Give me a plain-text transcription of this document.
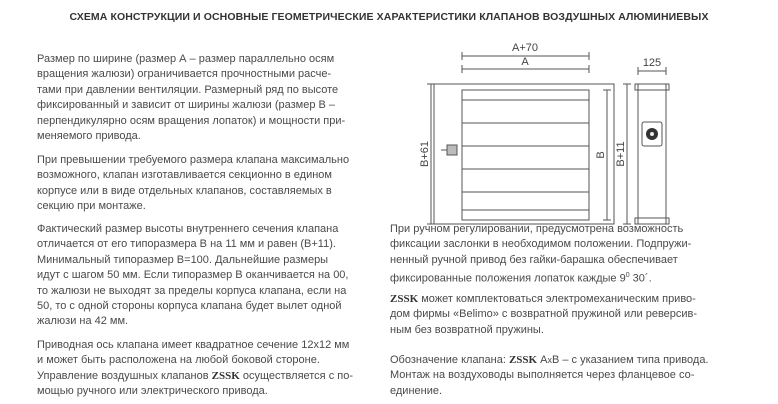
СХЕМА КОНСТРУКЦИИ И ОСНОВНЫЕ ГЕОМЕТРИЧЕСКИЕ ХАРАКТЕРИСТИКИ КЛАПАНОВ ВОЗДУШНЫХ АЛЮМИНИЕВЫХ
Размер по ширине (размер А – размер параллельно осям
вращения жалюзи) ограничивается прочностными расче-
тами при давлении вентиляции. Размерный ряд по высоте
фиксированный и зависит от ширины жалюзи (размер В –
перпендикулярно осям вращения лопаток) и мощности при-
меняемого привода.
При превышении требуемого размера клапана максимально
возможного, клапан изготавливается секционно в едином
корпусе или в виде отдельных клапанов, составляемых в
секцию при монтаже.
Фактический размер высоты внутреннего сечения клапана
отличается от его типоразмера В на 11 мм и равен (В+11).
Минимальный типоразмер В=100. Дальнейшие размеры
идут с шагом 50 мм. Если типоразмер В оканчивается на 00,
то жалюзи не выходят за пределы корпуса клапана, если на
50, то с одной стороны корпуса клапана будет вылет одной
жалюзи на 42 мм.
Приводная ось клапана имеет квадратное сечение 12х12 мм
и может быть расположена на любой боковой стороне.
Управление воздушных клапанов ZSSK осуществляется с по-
мощью ручного или электрического привода.
A+70
A	125
B+61	B B+11
При ручном регулировании, предусмотрена возможность
фиксации заслонки в необходимом положении. Подпружи-
ненный ручной привод без гайки-барашка обеспечивает
фиксированные положения лопаток каждые $9^0$ 30´.
ZSSK может комплектоваться электромеханическим приво-
дом фирмы «Belimo» с возвратной пружиной или реверсив-
ным без возвратной пружины.
Обозначение клапана: ZSSK АхВ – с указанием типа привода.
Монтаж на воздуховоды выполняется через фланцевое со-
единение.
